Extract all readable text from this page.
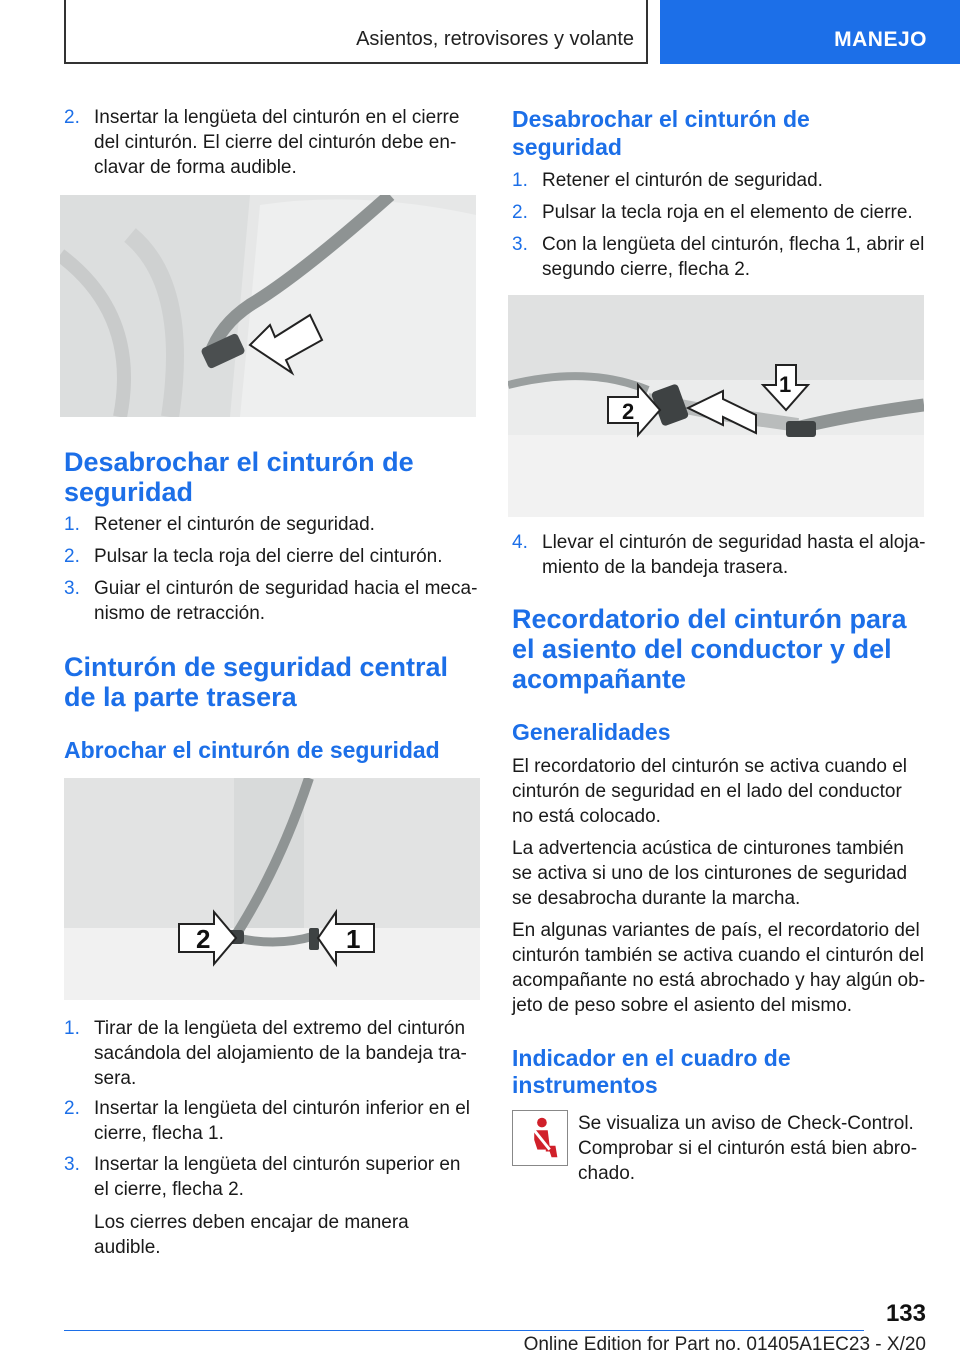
Asientos, retrovisores y volante	MANEJO
2. Insertar la lengüeta del cinturón en el cierre del cinturón. El cierre del cinturón debe enclavar de forma audible.
Desabrochar el cinturón de seguridad
1. Retener el cinturón de seguridad.
2. Pulsar la tecla roja del cierre del cinturón.
3. Guiar el cinturón de seguridad hacia el mecanismo de retracción.
Cinturón de seguridad central de la parte trasera
Abrochar el cinturón de seguridad
2	1
1. Tirar de la lengüeta del extremo del cinturón sacándola del alojamiento de la bandeja trasera.
2. Insertar la lengüeta del cinturón inferior en el cierre, flecha 1.
3. Insertar la lengüeta del cinturón superior en el cierre, flecha 2.
Los cierres deben encajar de manera audible.
Desabrochar el cinturón de seguridad
1. Retener el cinturón de seguridad.
2. Pulsar la tecla roja en el elemento de cierre.
3. Con la lengüeta del cinturón, flecha 1, abrir el segundo cierre, flecha 2.
1
2
4. Llevar el cinturón de seguridad hasta el alojamiento de la bandeja trasera.
Recordatorio del cinturón para el asiento del conductor y del acompañante
Generalidades
El recordatorio del cinturón se activa cuando el cinturón de seguridad en el lado del conductor no está colocado.
La advertencia acústica de cinturones también se activa si uno de los cinturones de seguridad se desabrocha durante la marcha.
En algunas variantes de país, el recordatorio del cinturón también se activa cuando el cinturón del acompañante no está abrochado y hay algún objeto de peso sobre el asiento del mismo.
Indicador en el cuadro de instrumentos
Se visualiza un aviso de Check-Control. Comprobar si el cinturón está bien abrochado.
133
Online Edition for Part no. 01405A1EC23 - X/20
